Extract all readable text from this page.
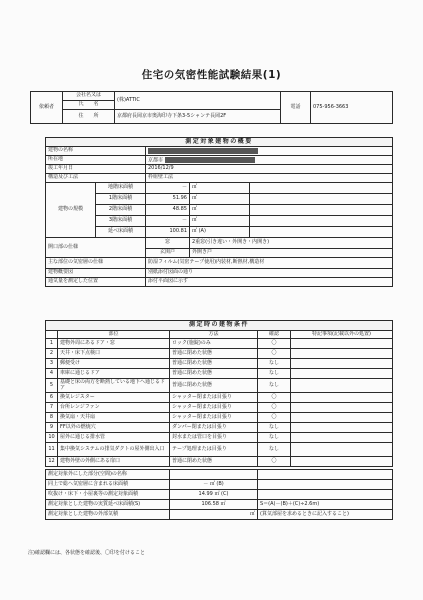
住宅の気密性能試験結果(1)
依頼者	会社名又は	(株)ATTIC	電話	075-956-3663
	氏　　名			
	住　　所	京都府長岡京市奥海印寺下条3-5シャンテ長岡2F		
測定対象建物の概要				
建物の名称				
所在地		京都市		
竣工年月日		2016/12/9		
構造及び工法		枠組壁工法		
建物の規模	地階床面積	－	㎡	
	1階床面積	51.96	㎡	
	2階床面積	48.85	㎡	
	3階床面積	－	㎡	
	延べ床面積	100.81	㎡ (A)	
開口部の仕様		窓	2重窓(引き違い・外開き・内開き)	
		玄関戸	外開き戸	
主な部位の気密層の仕様		防湿フィルム(気密テープ使用)内装材,断熱材,構造材		
建物概要図		別紙添付図面の通り		
通気量を測定した位置		添付平面図に示す		
測定時の建物条件				
	部位	方法	確認	特記事項(記載以外の処置)
1	建物外周にあるドア・窓	ロック(施錠)のみ	〇	
2	天井・床下点検口	普通に閉めた状態	〇	
3	郵便受け	普通に閉めた状態	なし	
4	車庫に通じるドア	普通に閉めた状態	なし	
5	基礎と床の両方を断熱している地下へ通じるドア	普通に閉めた状態	なし	
6	換気レジスター	シャッター閉または目張り	〇	
7	台所レンジファン	シャッター閉または目張り	〇	
8	換気扇・天井扇	シャッター閉または目張り	〇	
9	FF以外の燃焼穴	ダンパー閉または目張り	なし	
10	屋外に通じる排水管	封水または管口を目張り	なし	
11	集中換気システムの排気ダクトの屋外側出入口	テープ処理または目張り	なし	
12	建物外壁の外側にある扉口	普通に閉めた状態	〇	
測定対象外にした部分(空間)の名称		
同上で総へ気密層に含まれる床面積	－ ㎡ (B)	
吹抜け・床下・小屋裏等の測定対象面積	14.99 ㎡ (C)	
測定対象とした建物の実質延べ床面積(S)	106.58 ㎡	S＝(A)－(B)＋(C)÷2.6m)
測定対象とした建物の外部気積	㎥	(算気部屋を求めるときに記入すること)
注)確認欄には、各状態を確認後、〇印を付けること
